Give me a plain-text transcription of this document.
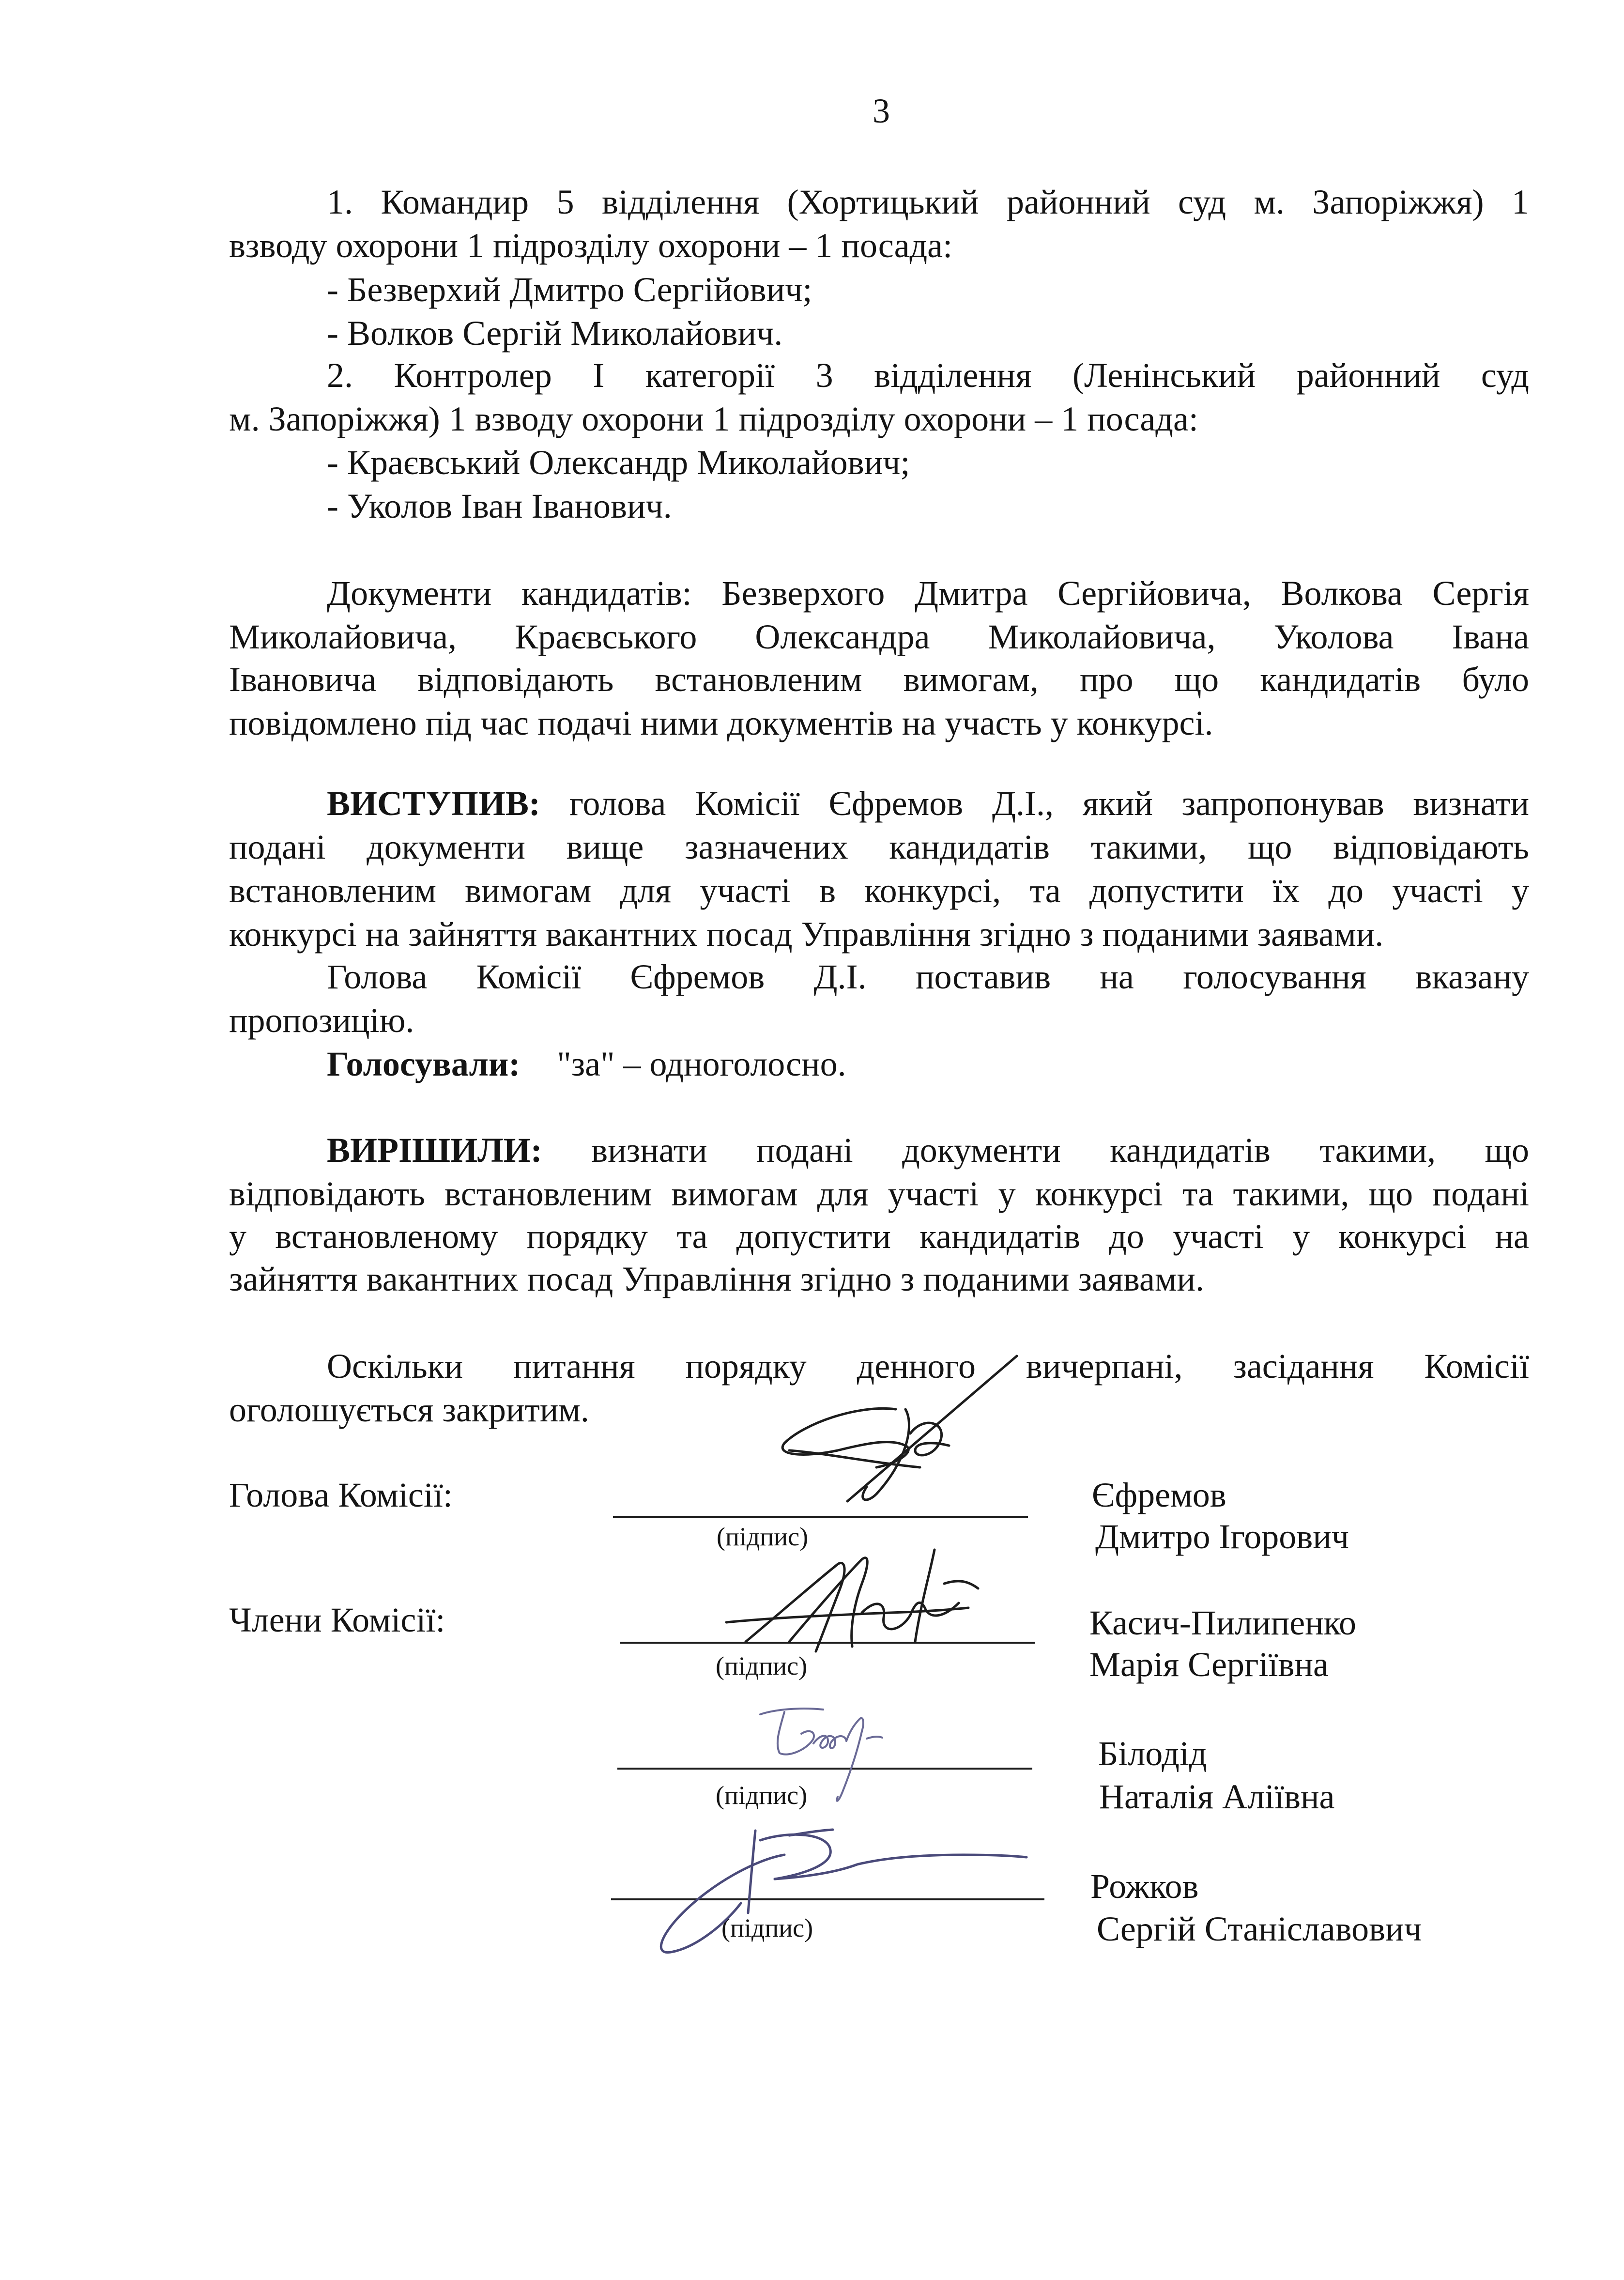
3
1. Командир 5 відділення (Хортицький районний суд м. Запоріжжя) 1
взводу охорони 1 підрозділу охорони – 1 посада:
- Безверхий Дмитро Сергійович;
- Волков Сергій Миколайович.
2. Контролер І категорії 3 відділення (Ленінський районний суд
м. Запоріжжя) 1 взводу охорони 1 підрозділу охорони – 1 посада:
- Краєвський Олександр Миколайович;
- Уколов Іван Іванович.
Документи кандидатів: Безверхого Дмитра Сергійовича, Волкова Сергія
Миколайовича, Краєвського Олександра Миколайовича, Уколова Івана
Івановича відповідають встановленим вимогам, про що кандидатів було
повідомлено під час подачі ними документів на участь у конкурсі.
ВИСТУПИВ: голова Комісії Єфремов Д.І., який запропонував визнати
подані документи вище зазначених кандидатів такими, що відповідають
встановленим вимогам для участі в конкурсі, та допустити їх до участі у
конкурсі на зайняття вакантних посад Управління згідно з поданими заявами.
Голова Комісії Єфремов Д.І. поставив на голосування вказану
пропозицію.
Голосували: "за" – одноголосно.
ВИРІШИЛИ: визнати подані документи кандидатів такими, що
відповідають встановленим вимогам для участі у конкурсі та такими, що подані
у встановленому порядку та допустити кандидатів до участі у конкурсі на
зайняття вакантних посад Управління згідно з поданими заявами.
Оскільки питання порядку денного вичерпані, засідання Комісії
оголошується закритим.
Голова Комісії:
(підпис)
Єфремов
Дмитро Ігорович
Члени Комісії:
(підпис)
Касич-Пилипенко
Марія Сергіївна
(підпис)
Білодід
Наталія Аліївна
(підпис)
Рожков
Сергій Станіславович
